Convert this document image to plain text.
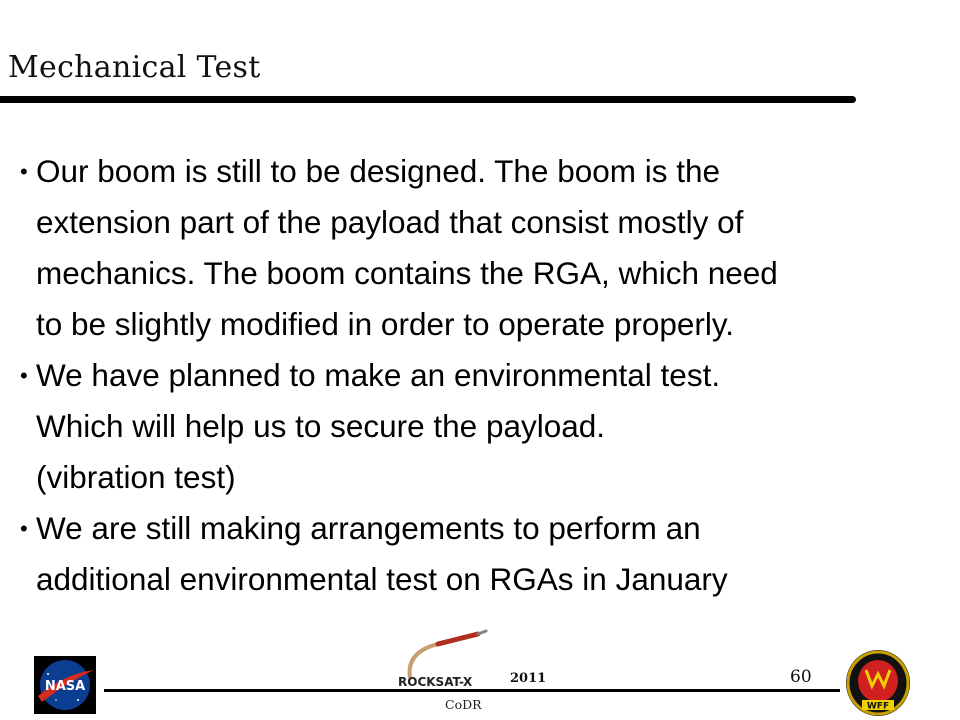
Mechanical Test
• Our boom is still to be designed. The boom is the

extension part of the payload that consist mostly of

mechanics. The boom contains the RGA, which need

to be slightly modified in order to operate properly.

• We have planned to make an environmental test.

Which will help us to secure the payload.

(vibration test)

• We are still making arrangements to perform an

additional environmental test on RGAs in January

NASA	ROCKSAT-X	2011	60
CoDR	WFF
